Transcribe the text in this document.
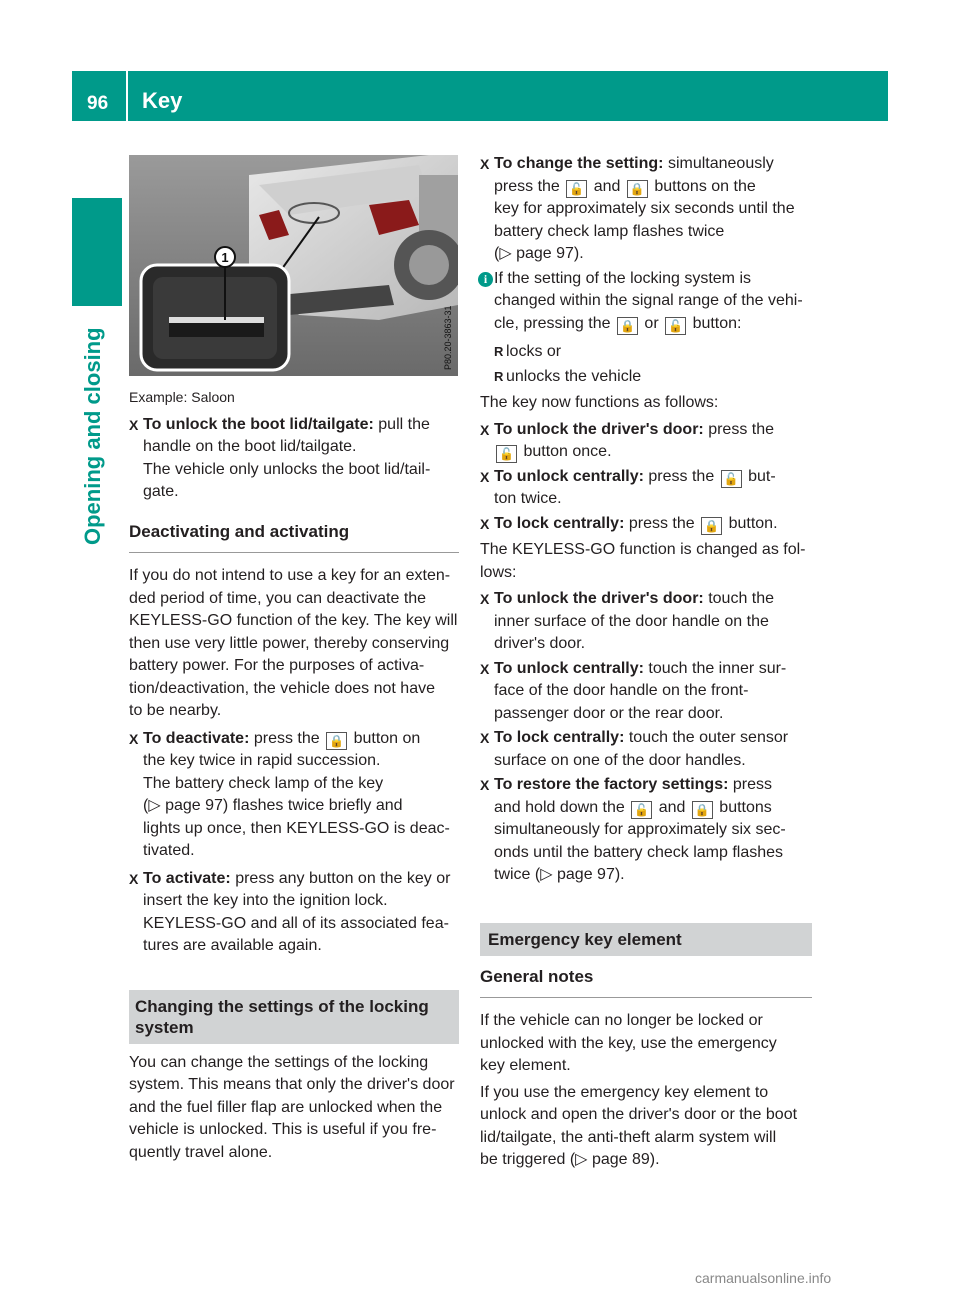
96 Key
Opening and closing
1
P80.20-3863-31

Example: Saloon

X To unlock the boot lid/tailgate: pull the

handle on the boot lid/tailgate.

The vehicle only unlocks the boot lid/tail-

gate.

Deactivating and activating

If you do not intend to use a key for an exten-

ded period of time, you can deactivate the

KEYLESS-GO function of the key. The key will

then use very little power, thereby conserving

battery power. For the purposes of activa-

tion/deactivation, the vehicle does not have

to be nearby.

X To deactivate: press the 🔒 button on

the key twice in rapid succession.

The battery check lamp of the key

(▷ page 97) flashes twice briefly and

lights up once, then KEYLESS-GO is deac-

tivated.

X To activate: press any button on the key or

insert the key into the ignition lock.

KEYLESS-GO and all of its associated fea-

tures are available again.

Changing the settings of the locking

system

You can change the settings of the locking

system. This means that only the driver's door

and the fuel filler flap are unlocked when the

vehicle is unlocked. This is useful if you fre-

quently travel alone.

X To change the setting: simultaneously

press the 🔓 and 🔒 buttons on the

key for approximately six seconds until the

battery check lamp flashes twice

(▷ page 97).

i If the setting of the locking system is

changed within the signal range of the vehi-

cle, pressing the 🔒 or 🔓 button:

R locks or
R unlocks the vehicle

The key now functions as follows:

X To unlock the driver's door: press the

🔓 button once.

X To unlock centrally: press the 🔓 but-

ton twice.

X To lock centrally: press the 🔒 button.

The KEYLESS-GO function is changed as fol-

lows:

X To unlock the driver's door: touch the

inner surface of the door handle on the

driver's door.

X To unlock centrally: touch the inner sur-

face of the door handle on the front-

passenger door or the rear door.

X To lock centrally: touch the outer sensor

surface on one of the door handles.

X To restore the factory settings: press

and hold down the 🔓 and 🔒 buttons

simultaneously for approximately six sec-

onds until the battery check lamp flashes

twice (▷ page 97).

Emergency key element

General notes

If the vehicle can no longer be locked or

unlocked with the key, use the emergency

key element.

If you use the emergency key element to

unlock and open the driver's door or the boot

lid/tailgate, the anti-theft alarm system will

be triggered (▷ page 89).

carmanualsonline.info
